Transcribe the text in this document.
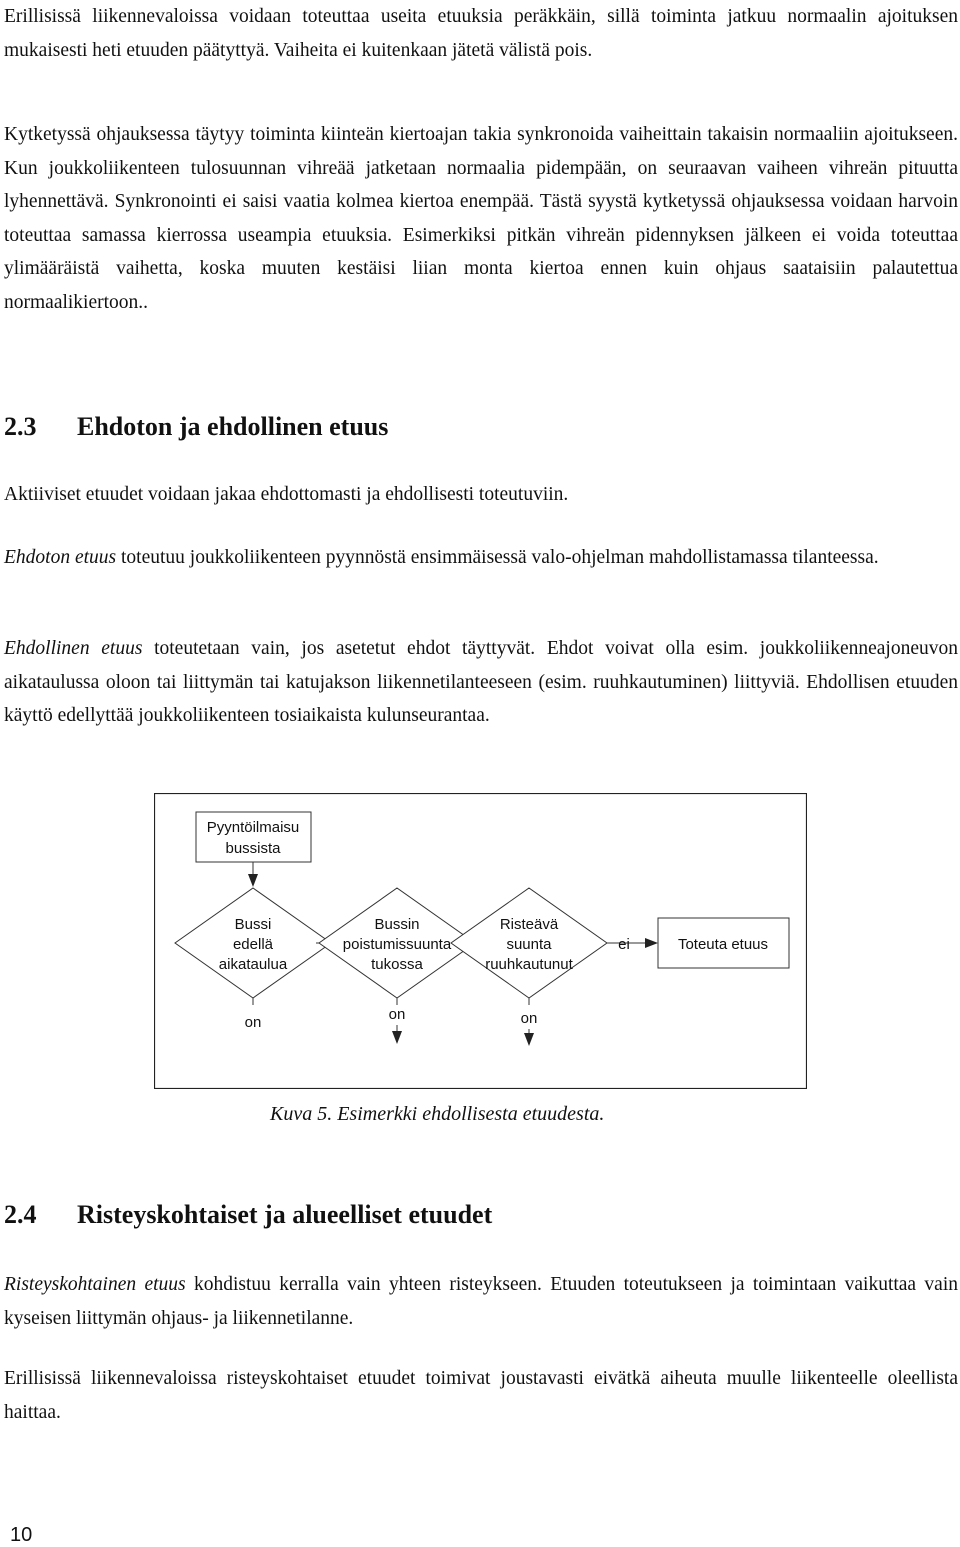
Erillisissä liikennevaloissa voidaan toteuttaa useita etuuksia peräkkäin, sillä toiminta jatkuu normaalin ajoituksen mukaisesti heti etuuden päätyttyä. Vaiheita ei kuitenkaan jätetä välistä pois.

Kytketyssä ohjauksessa täytyy toiminta kiinteän kiertoajan takia synkronoida vaiheittain takaisin normaaliin ajoitukseen. Kun joukkoliikenteen tulosuunnan vihreää jatketaan normaalia pidempään, on seuraavan vaiheen vihreän pituutta lyhennettävä. Synkronointi ei saisi vaatia kolmea kiertoa enempää. Tästä syystä kytketyssä ohjauksessa voidaan harvoin toteuttaa samassa kierrossa useampia etuuksia. Esimerkiksi pitkän vihreän pidennyksen jälkeen ei voida toteuttaa ylimääräistä vaihetta, koska muuten kestäisi liian monta kiertoa ennen kuin ohjaus saataisiin palautettua normaalikiertoon..

2.3 Ehdoton ja ehdollinen etuus

Aktiiviset etuudet voidaan jakaa ehdottomasti ja ehdollisesti toteutuviin.

Ehdoton etuus toteutuu joukkoliikenteen pyynnöstä ensimmäisessä valo-ohjelman mahdollistamassa tilanteessa.

Ehdollinen etuus toteutetaan vain, jos asetetut ehdot täyttyvät. Ehdot voivat olla esim. joukkoliikenneajoneuvon aikataulussa oloon tai liittymän tai katujakson liikennetilanteeseen (esim. ruuhkautuminen) liittyviä. Ehdollisen etuuden käyttö edellyttää joukkoliikenteen tosiaikaista kulunseurantaa.

Pyyntöilmaisu
bussista
Bussi
edellä
aikataulua
Bussin
poistumissuunta
tukossa
Risteävä
suunta
ruuhkautunut
ei	Toteuta etuus
on	on	on
Kuva 5. Esimerkki ehdollisesta etuudesta.
2.4 Risteyskohtaiset ja alueelliset etuudet

Risteyskohtainen etuus kohdistuu kerralla vain yhteen risteykseen. Etuuden toteutukseen ja toimintaan vaikuttaa vain kyseisen liittymän ohjaus- ja liikennetilanne.

Erillisissä liikennevaloissa risteyskohtaiset etuudet toimivat joustavasti eivätkä aiheuta muulle liikenteelle oleellista haittaa.

10
